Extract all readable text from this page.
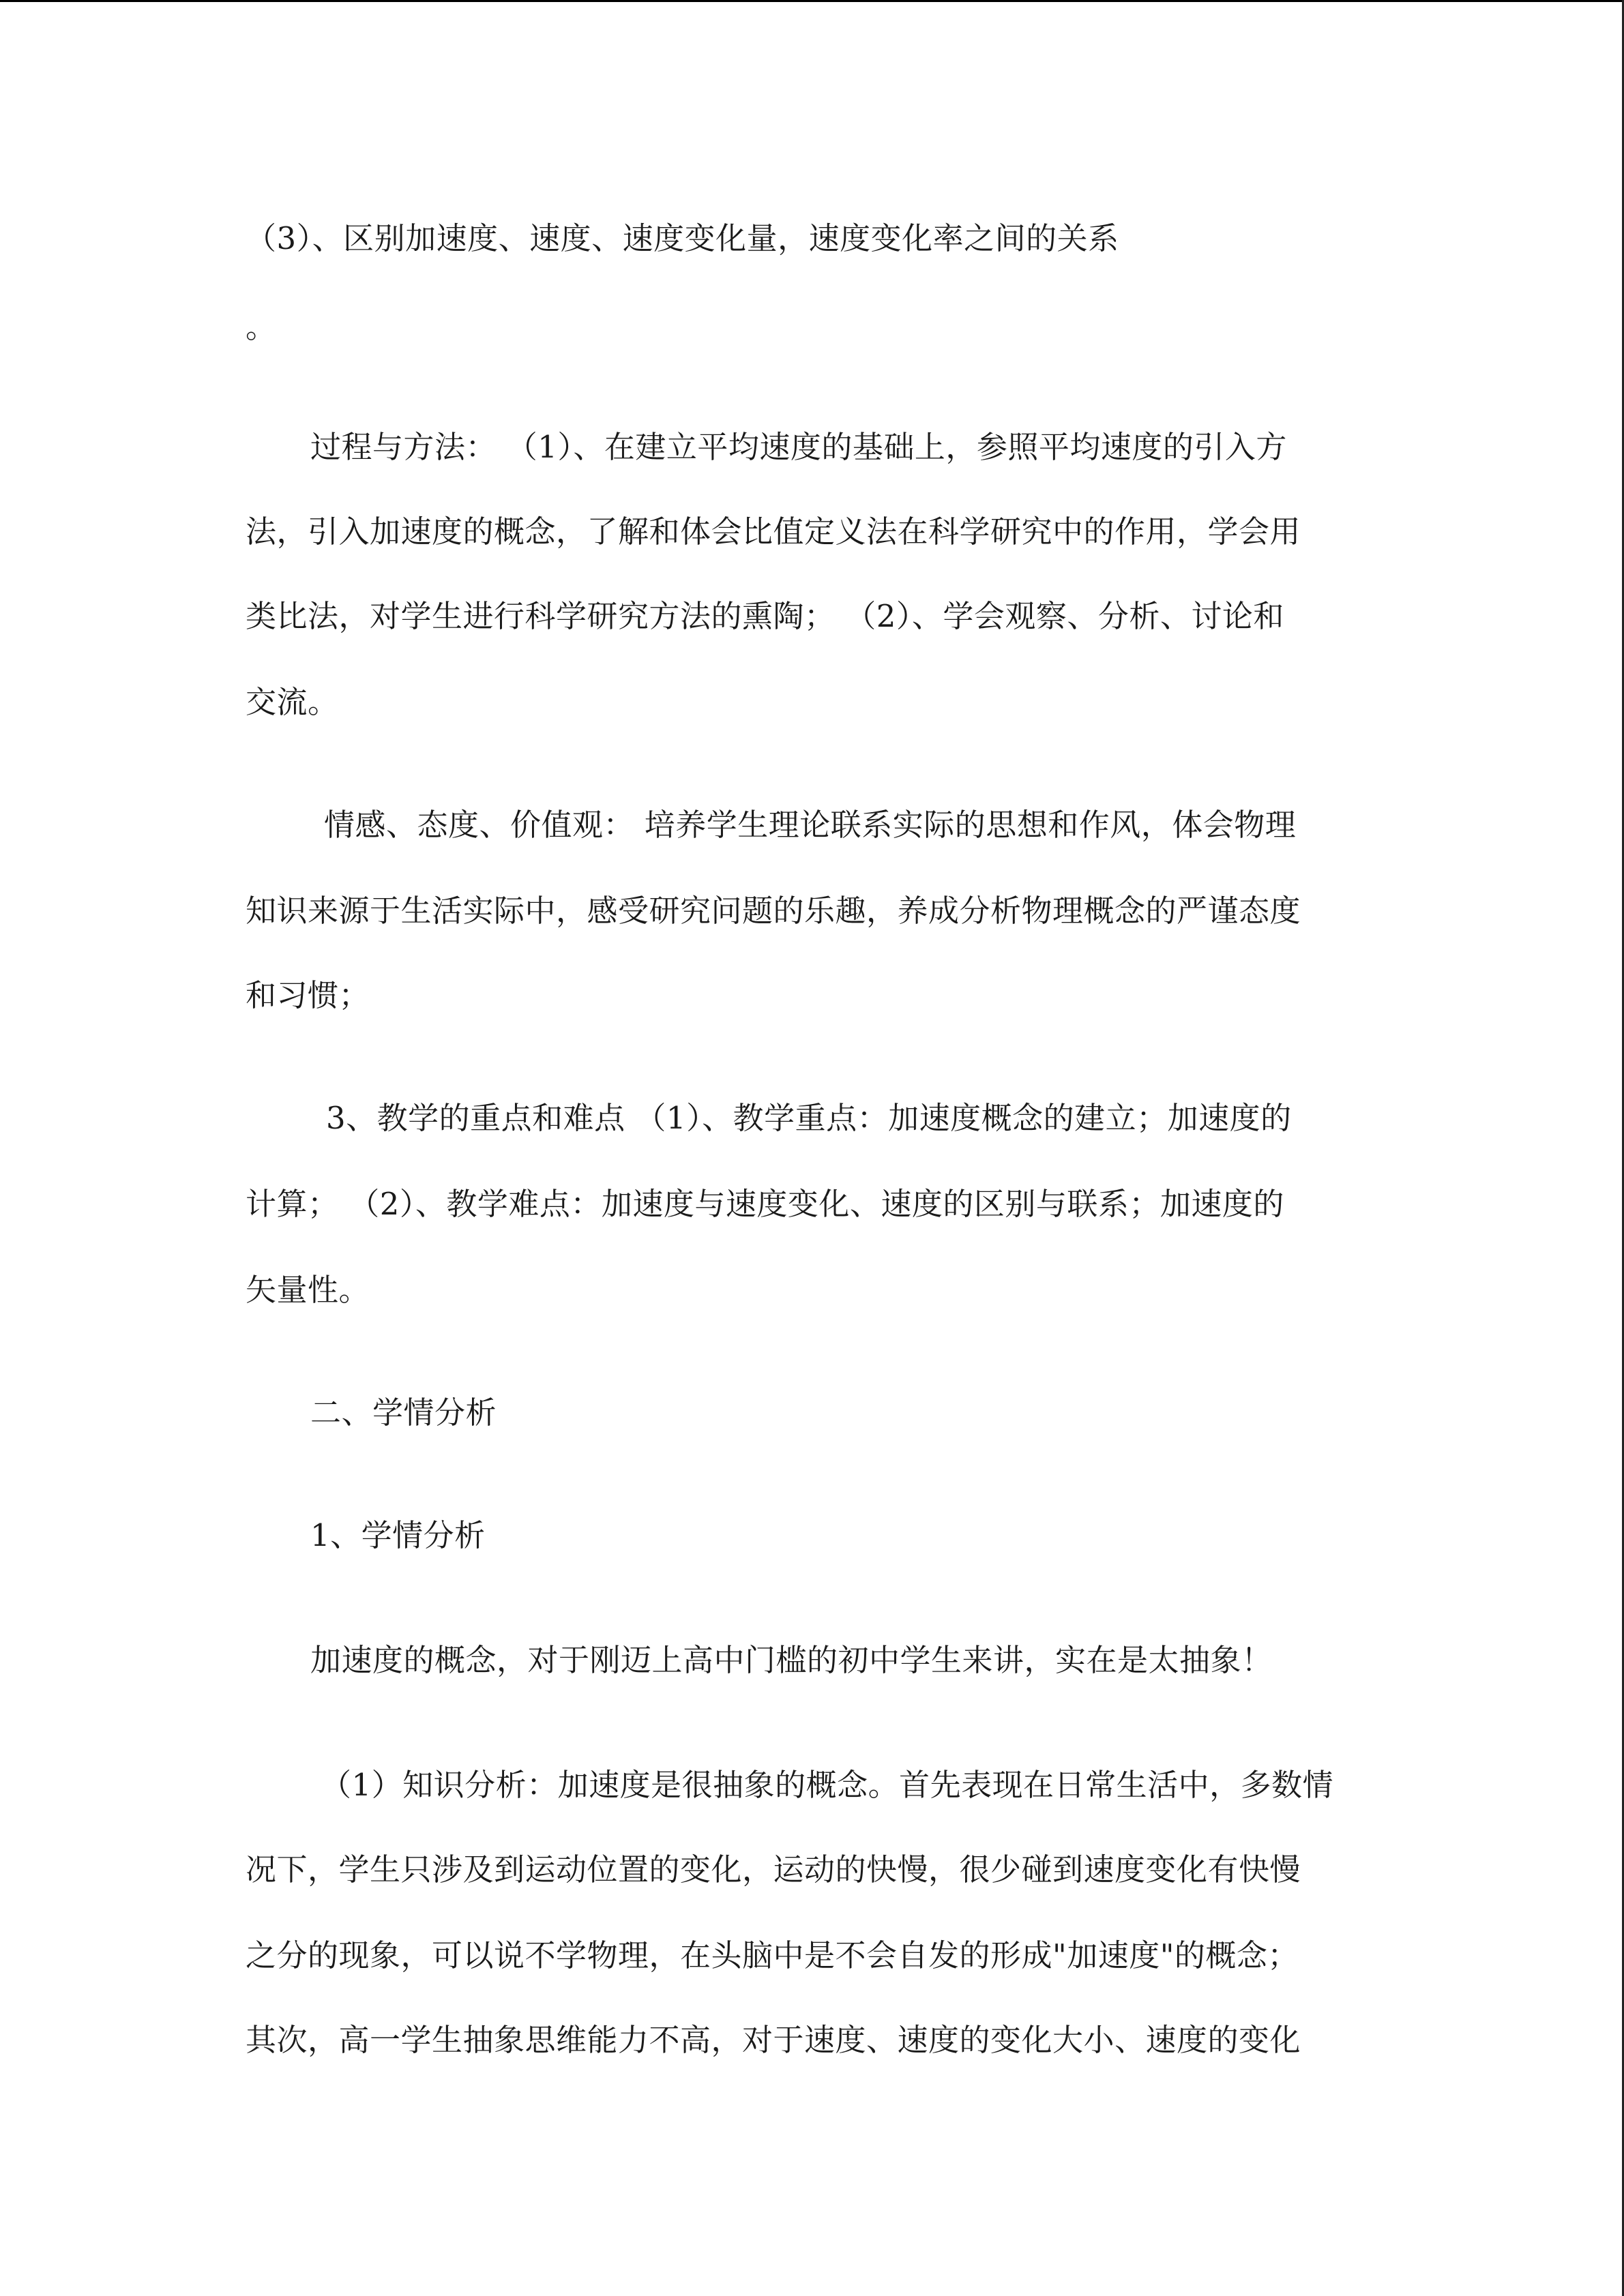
（3）、区别加速度、速度、速度变化量，速度变化率之间的关系
。
过程与方法： （1）、在建立平均速度的基础上，参照平均速度的引入方
法，引入加速度的概念，了解和体会比值定义法在科学研究中的作用，学会用
类比法，对学生进行科学研究方法的熏陶； （2）、学会观察、分析、讨论和
交流。
情感、态度、价值观： 培养学生理论联系实际的思想和作风，体会物理
知识来源于生活实际中，感受研究问题的乐趣，养成分析物理概念的严谨态度
和习惯；
3、教学的重点和难点 （1）、教学重点：加速度概念的建立；加速度的
计算； （2）、教学难点：加速度与速度变化、速度的区别与联系；加速度的
矢量性。
二、学情分析
1、学情分析
加速度的概念，对于刚迈上高中门槛的初中学生来讲，实在是太抽象！
（1）知识分析：加速度是很抽象的概念。首先表现在日常生活中，多数情
况下，学生只涉及到运动位置的变化，运动的快慢，很少碰到速度变化有快慢
之分的现象，可以说不学物理，在头脑中是不会自发的形成"加速度"的概念；
其次，高一学生抽象思维能力不高，对于速度、速度的变化大小、速度的变化
